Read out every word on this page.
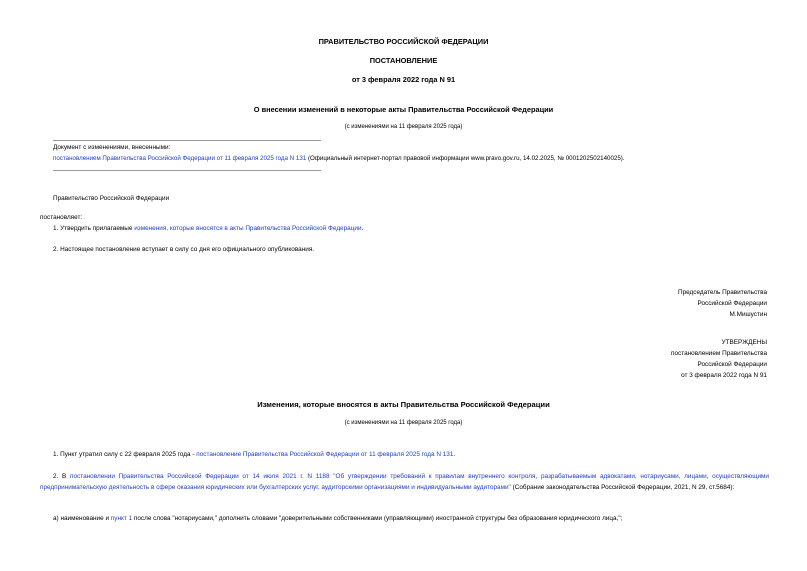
ПРАВИТЕЛЬСТВО РОССИЙСКОЙ ФЕДЕРАЦИИ
ПОСТАНОВЛЕНИЕ
от 3 февраля 2022 года N 91
О внесении изменений в некоторые акты Правительства Российской Федерации
(с изменениями на 11 февраля 2025 года)
Документ с изменениями, внесенными:
постановлением Правительства Российской Федерации от 11 февраля 2025 года N 131 (Официальный интернет-портал правовой информации www.pravo.gov.ru, 14.02.2025, № 0001202502140025).
Правительство Российской Федерации
постановляет:
1. Утвердить прилагаемые изменения, которые вносятся в акты Правительства Российской Федерации.
2. Настоящее постановление вступает в силу со дня его официального опубликования.
Председатель Правительства
Российской Федерации
М.Мишустин
УТВЕРЖДЕНЫ
постановлением Правительства
Российской Федерации
от 3 февраля 2022 года N 91
Изменения, которые вносятся в акты Правительства Российской Федерации
(с изменениями на 11 февраля 2025 года)
1. Пункт утратил силу с 22 февраля 2025 года - постановление Правительства Российской Федерации от 11 февраля 2025 года N 131.
2. В постановлении Правительства Российской Федерации от 14 июля 2021 г. N 1188 "Об утверждении требований к правилам внутреннего контроля, разрабатываемым адвокатами, нотариусами, лицами, осуществляющими предпринимательскую деятельность в сфере оказания юридических или бухгалтерских услуг, аудиторскими организациями и индивидуальными аудиторами" (Собрание законодательства Российской Федерации, 2021, N 29, ст.5684):
а) наименование и пункт 1 после слова "нотариусами," дополнить словами "доверительными собственниками (управляющими) иностранной структуры без образования юридического лица,";
